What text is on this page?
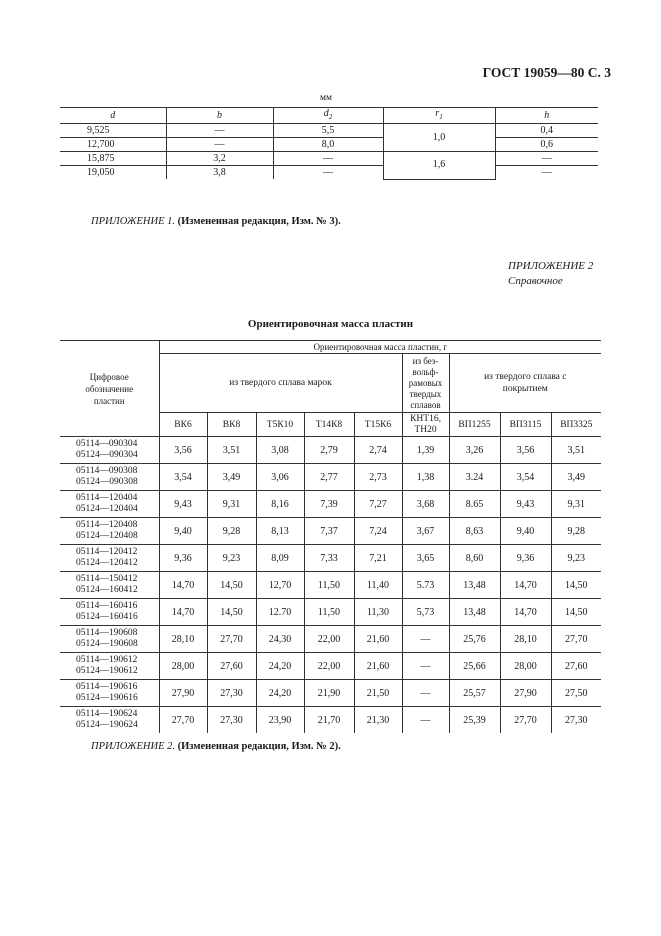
ГОСТ 19059—80 С. 3
мм
d	b	$d_2$	$r_1$	h
9,525	—	5,5	1,0	0,4
12,700	—	8,0		0,6
15,875	3,2	—	1,6	—
19,050	3,8	—		—
ПРИЛОЖЕНИЕ 1. (Измененная редакция, Изм. № 3).
ПРИЛОЖЕНИЕ 2
Справочное
Ориентировочная масса пластин
Цифровое обозначение пластин	Ориентировочная масса пластин, г								
	из твердого сплава марок					из без-вольф-рамовых твердых сплавов	из твердого сплава с покрытием		
	ВК6	ВК8	Т5К10	Т14К8	Т15К6	КНТ16, ТН20	ВП1255	ВП3115	ВП3325

05114—090304
05124—090304	3,56	3,51	3,08	2,79	2,74	1,39	3,26	3,56	3,51

05114—090308
05124—090308	3,54	3,49	3,06	2,77	2,73	1,38	3.24	3,54	3,49

05114—120404
05124—120404	9,43	9,31	8,16	7,39	7,27	3,68	8.65	9,43	9,31

05114—120408
05124—120408	9,40	9,28	8,13	7,37	7,24	3,67	8,63	9,40	9,28

05114—120412
05124—120412	9,36	9,23	8,09	7,33	7,21	3,65	8,60	9,36	9,23

05114—150412
05124—160412	14,70	14,50	12,70	11,50	11,40	5.73	13,48	14,70	14,50

05114—160416
05124—160416	14,70	14,50	12.70	11,50	11,30	5,73	13,48	14,70	14,50

05114—190608
05124—190608	28,10	27,70	24,30	22,00	21,60	—	25,76	28,10	27,70

05114—190612
05124—190612	28,00	27,60	24,20	22,00	21,60	—	25,66	28,00	27,60

05114—190616
05124—190616	27,90	27,30	24,20	21,90	21,50	—	25,57	27,90	27,50

05114—190624
05124—190624	27,70	27,30	23,90	21,70	21,30	—	25,39	27,70	27,30
ПРИЛОЖЕНИЕ 2. (Измененная редакция, Изм. № 2).
